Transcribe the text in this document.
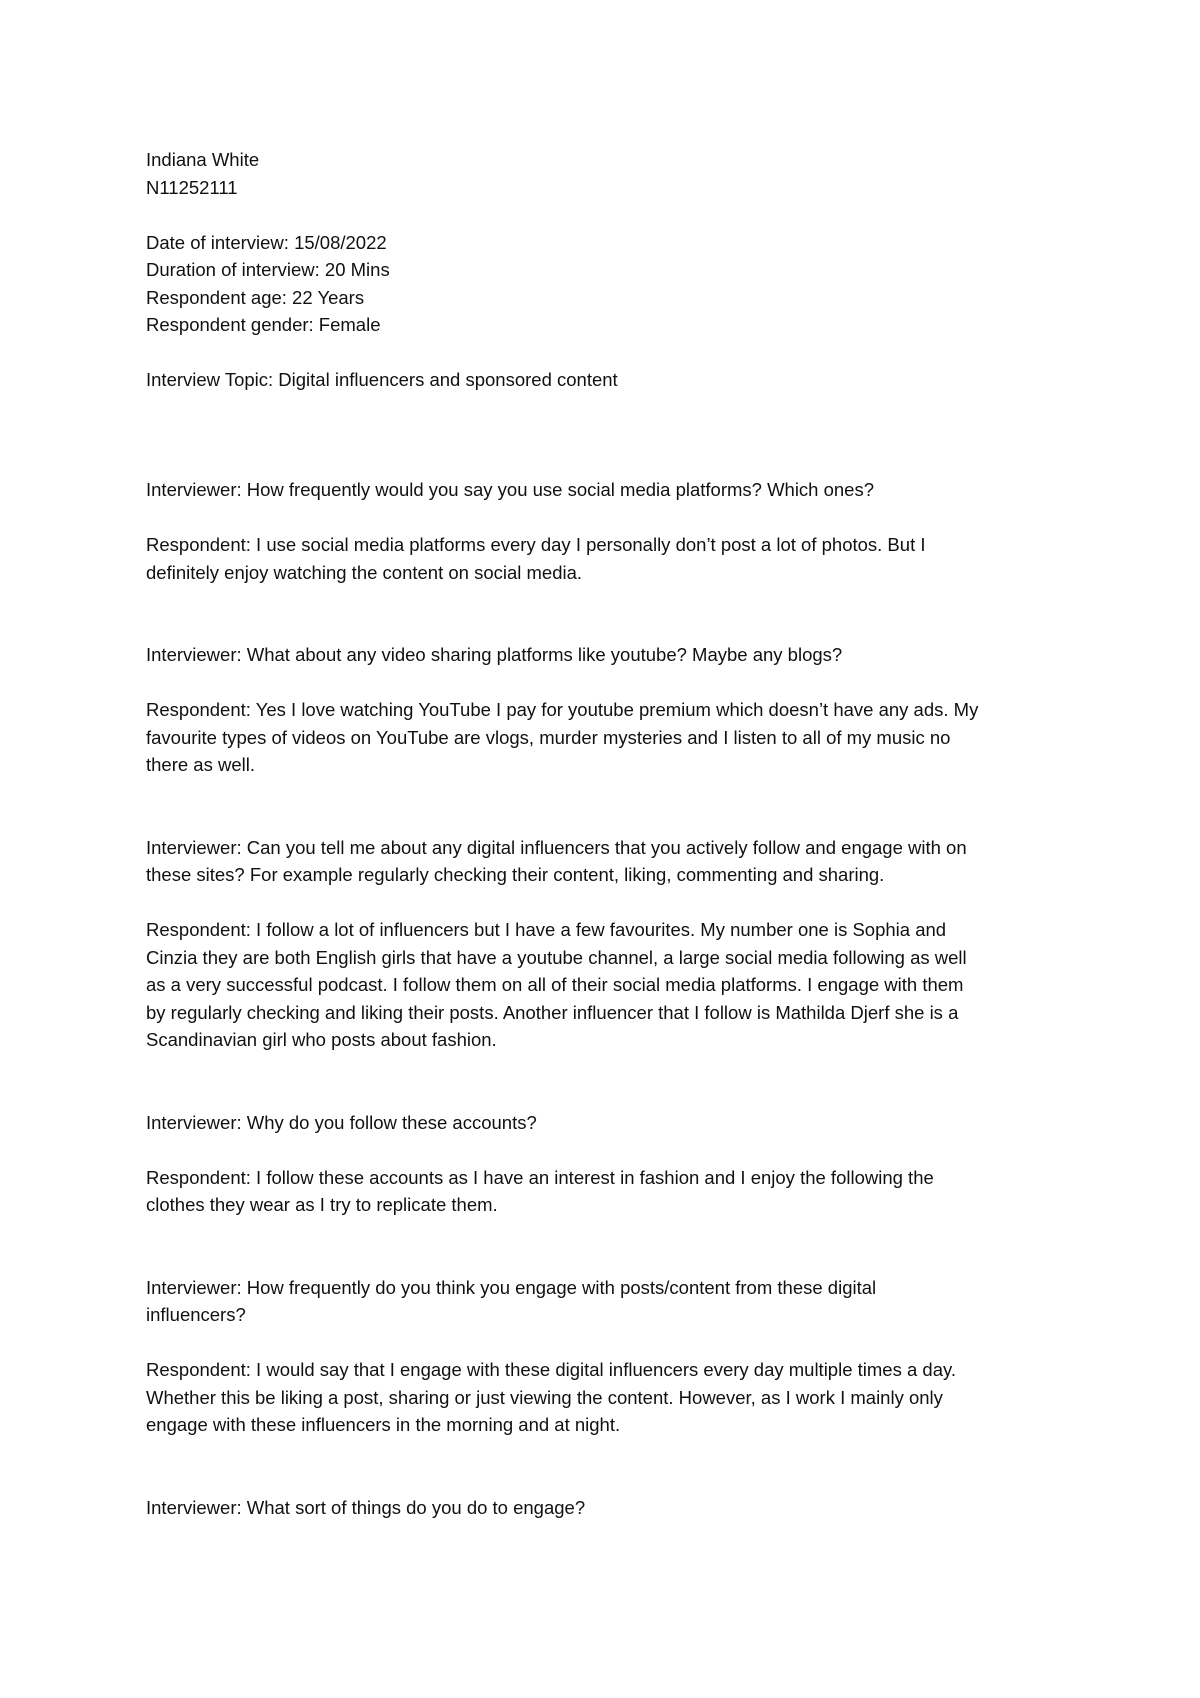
Indiana White

N11252111

Date of interview: 15/08/2022

Duration of interview: 20 Mins

Respondent age: 22 Years

Respondent gender: Female

Interview Topic: Digital influencers and sponsored content

Interviewer: How frequently would you say you use social media platforms? Which ones?

Respondent: I use social media platforms every day I personally don’t post a lot of photos. But I

definitely enjoy watching the content on social media.

Interviewer: What about any video sharing platforms like youtube? Maybe any blogs?

Respondent: Yes I love watching YouTube I pay for youtube premium which doesn’t have any ads. My

favourite types of videos on YouTube are vlogs, murder mysteries and I listen to all of my music no

there as well.

Interviewer: Can you tell me about any digital influencers that you actively follow and engage with on

these sites? For example regularly checking their content, liking, commenting and sharing.

Respondent: I follow a lot of influencers but I have a few favourites. My number one is Sophia and

Cinzia they are both English girls that have a youtube channel, a large social media following as well

as a very successful podcast. I follow them on all of their social media platforms. I engage with them

by regularly checking and liking their posts. Another influencer that I follow is Mathilda Djerf she is a

Scandinavian girl who posts about fashion.

Interviewer: Why do you follow these accounts?

Respondent: I follow these accounts as I have an interest in fashion and I enjoy the following the

clothes they wear as I try to replicate them.

Interviewer: How frequently do you think you engage with posts/content from these digital

influencers?

Respondent: I would say that I engage with these digital influencers every day multiple times a day.

Whether this be liking a post, sharing or just viewing the content. However, as I work I mainly only

engage with these influencers in the morning and at night.

Interviewer: What sort of things do you do to engage?
